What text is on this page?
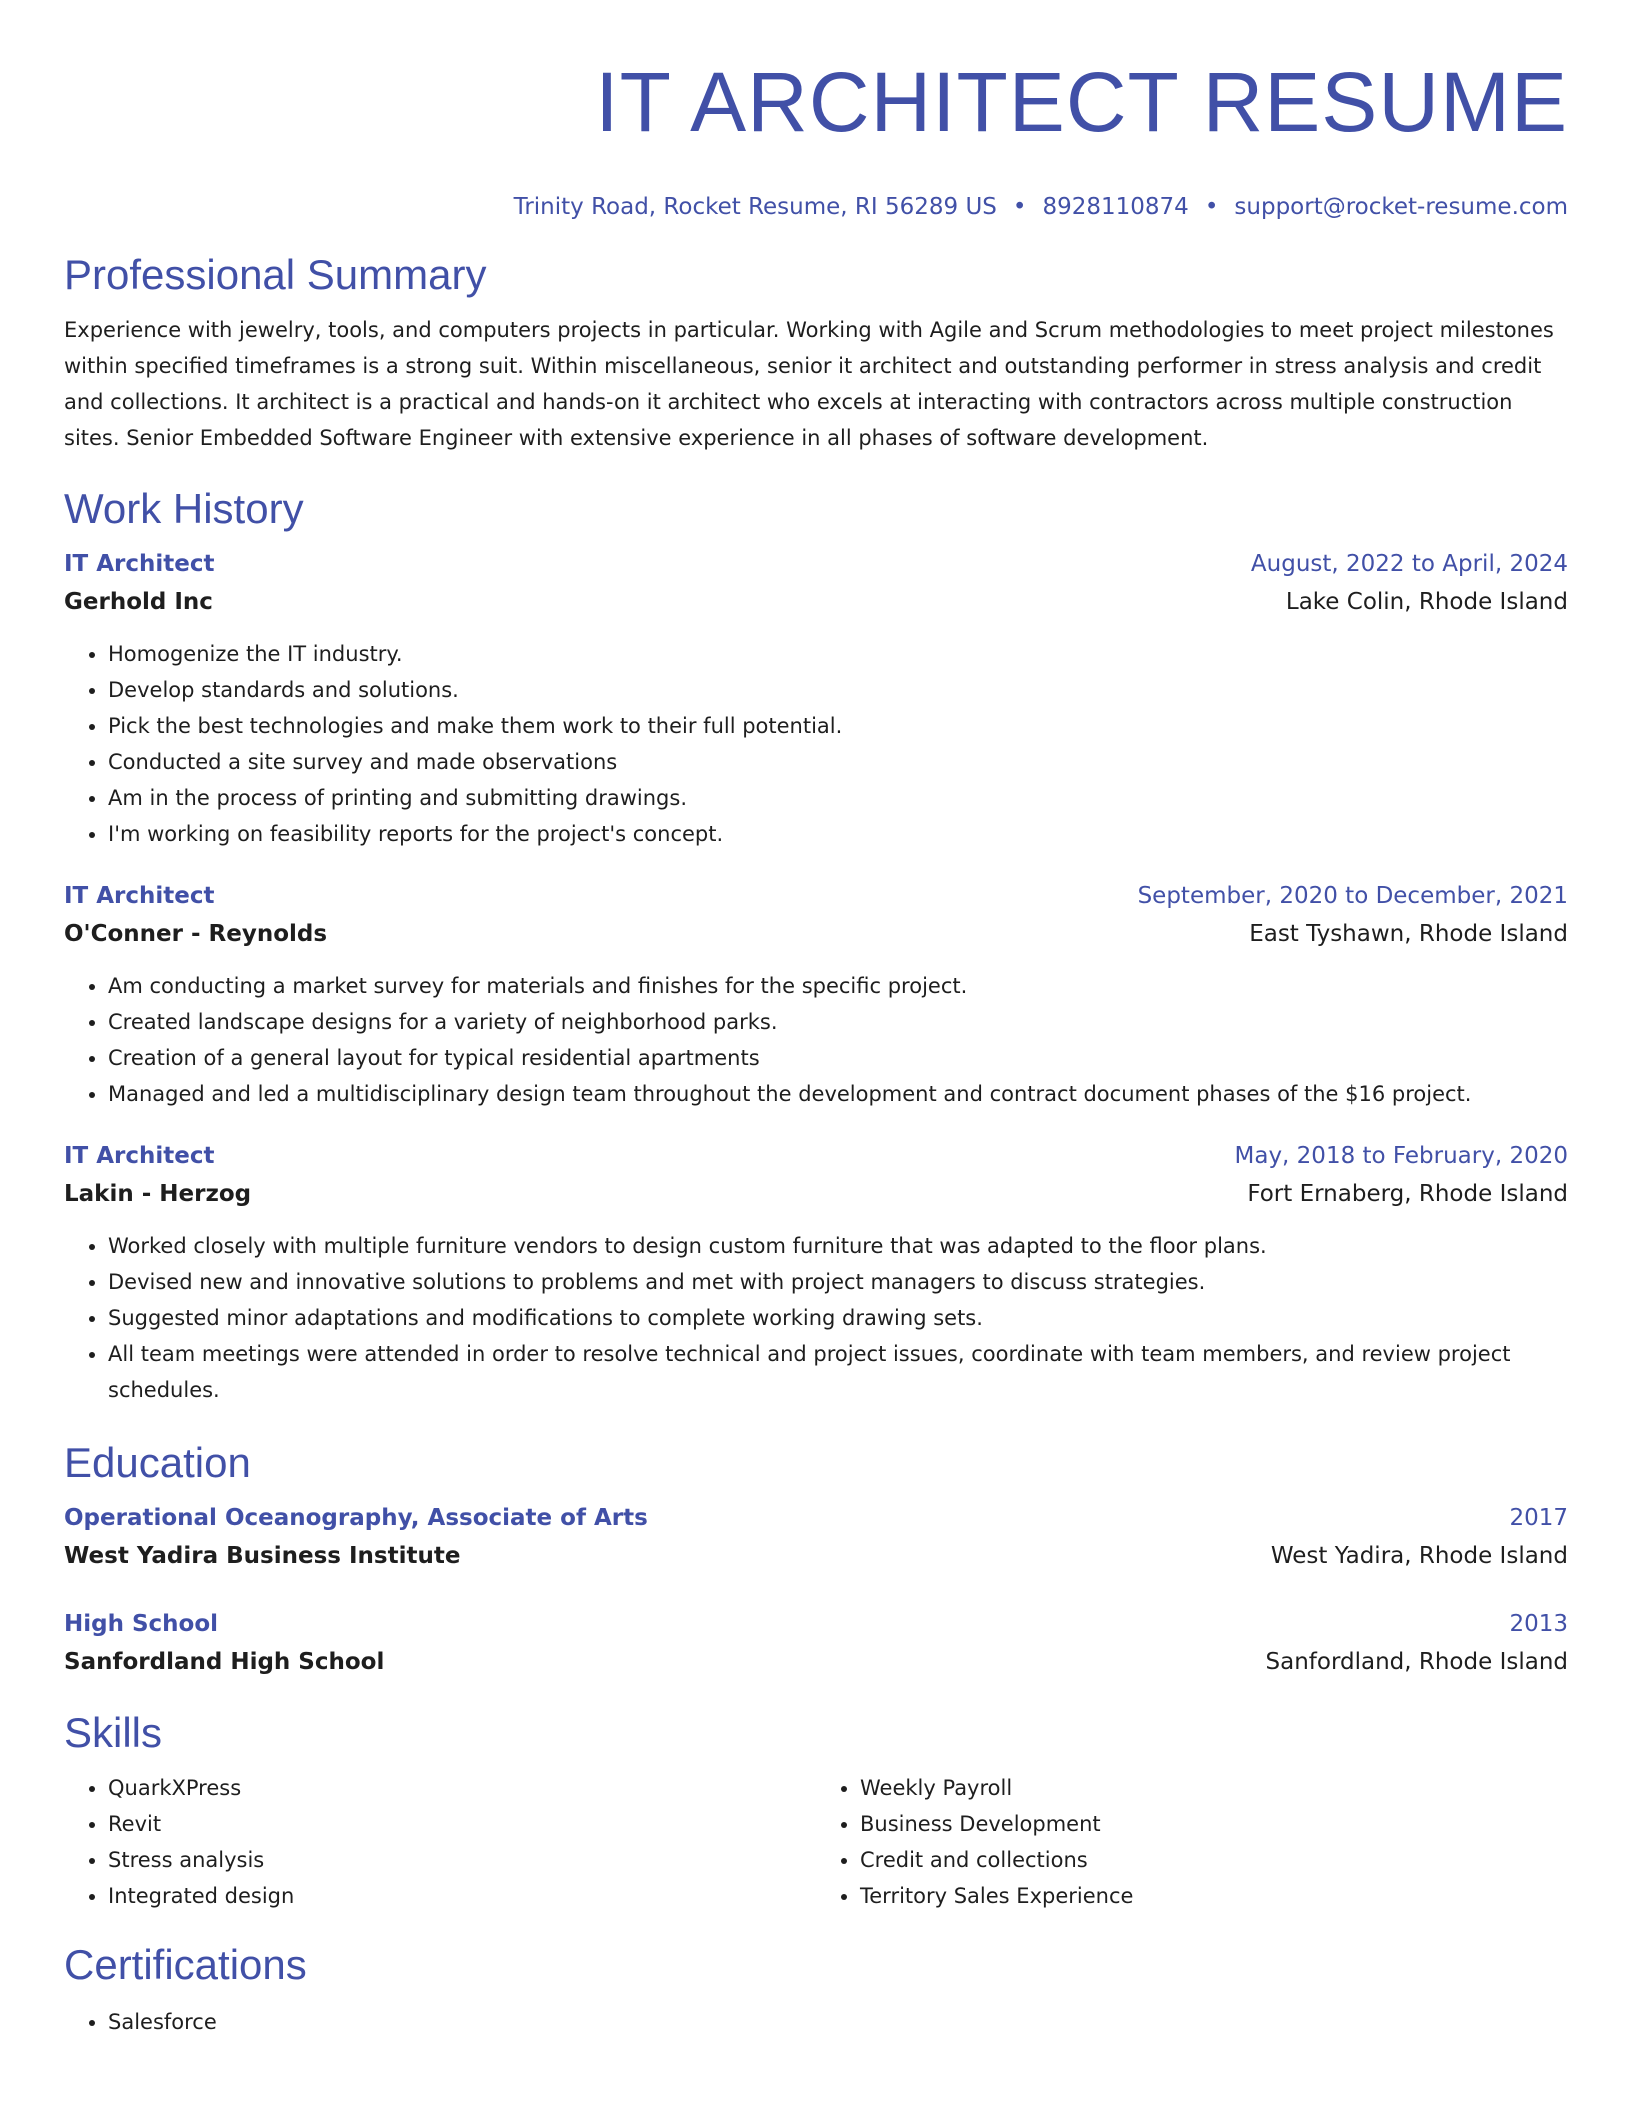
IT ARCHITECT RESUME
Trinity Road, Rocket Resume, RI 56289 US • 8928110874 • support@rocket-resume.com
Professional Summary

Experience with jewelry, tools, and computers projects in particular. Working with Agile and Scrum methodologies to meet project milestones within specified timeframes is a strong suit. Within miscellaneous, senior it architect and outstanding performer in stress analysis and credit and collections. It architect is a practical and hands-on it architect who excels at interacting with contractors across multiple construction sites. Senior Embedded Software Engineer with extensive experience in all phases of software development.

Work History
IT Architect	August, 2022 to April, 2024
Gerhold Inc	Lake Colin, Rhode Island
• Homogenize the IT industry.
• Develop standards and solutions.
• Pick the best technologies and make them work to their full potential.
• Conducted a site survey and made observations
• Am in the process of printing and submitting drawings.
• I'm working on feasibility reports for the project's concept.
IT Architect	September, 2020 to December, 2021
O'Conner - Reynolds	East Tyshawn, Rhode Island
• Am conducting a market survey for materials and finishes for the specific project.
• Created landscape designs for a variety of neighborhood parks.
• Creation of a general layout for typical residential apartments
• Managed and led a multidisciplinary design team throughout the development and contract document phases of the $16 project.
IT Architect	May, 2018 to February, 2020
Lakin - Herzog	Fort Ernaberg, Rhode Island
• Worked closely with multiple furniture vendors to design custom furniture that was adapted to the floor plans.
• Devised new and innovative solutions to problems and met with project managers to discuss strategies.
• Suggested minor adaptations and modifications to complete working drawing sets.
• All team meetings were attended in order to resolve technical and project issues, coordinate with team members, and review project schedules.
Education
Operational Oceanography, Associate of Arts	2017
West Yadira Business Institute	West Yadira, Rhode Island
High School	2013
Sanfordland High School	Sanfordland, Rhode Island
Skills
• QuarkXPress
• Revit
• Stress analysis
• Integrated design
• Weekly Payroll
• Business Development
• Credit and collections
• Territory Sales Experience
Certifications
• Salesforce
